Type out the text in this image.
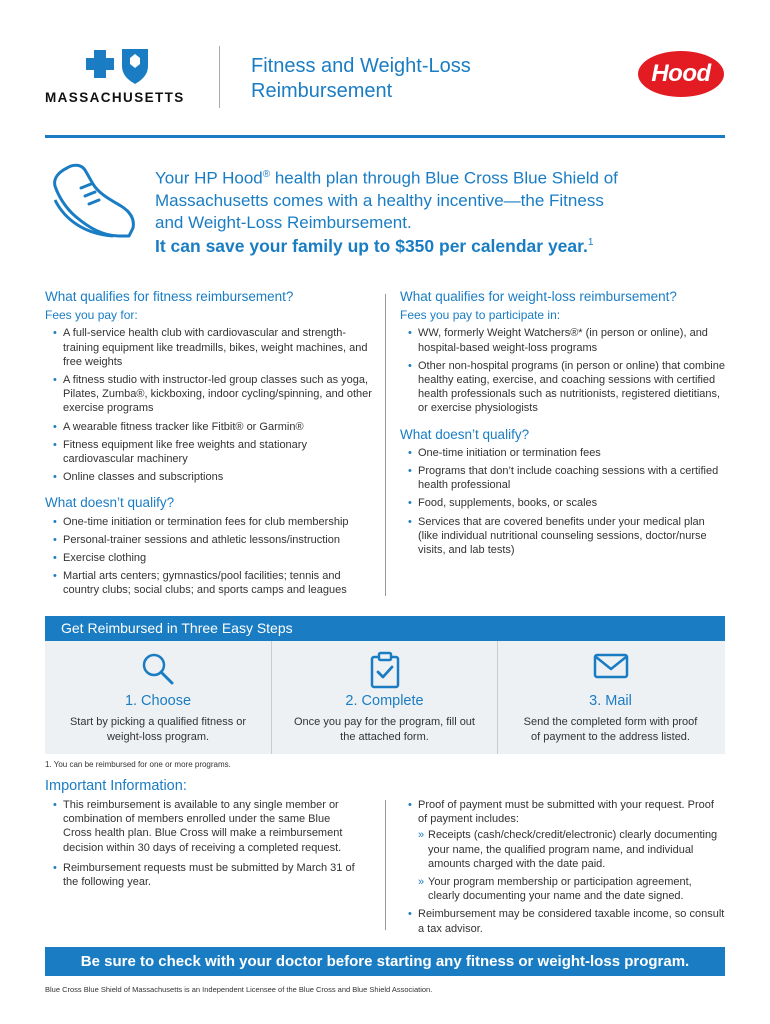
MASSACHUSETTS
Fitness and Weight-Loss
Reimbursement
Hood
Your HP Hood® health plan through Blue Cross Blue Shield of
Massachusetts comes with a healthy incentive—the Fitness
and Weight-Loss Reimbursement.
It can save your family up to $350 per calendar year.$^1$
What qualifies for fitness reimbursement?
Fees you pay for:
• A full-service health club with cardiovascular and strength-training equipment like treadmills, bikes, weight machines, and free weights
• A fitness studio with instructor-led group classes such as yoga, Pilates, Zumba®, kickboxing, indoor cycling/spinning, and other exercise programs
• A wearable fitness tracker like Fitbit® or Garmin®
• Fitness equipment like free weights and stationary cardiovascular machinery
• Online classes and subscriptions
What doesn’t qualify?
• One-time initiation or termination fees for club membership
• Personal-trainer sessions and athletic lessons/instruction
• Exercise clothing
• Martial arts centers; gymnastics/pool facilities; tennis and country clubs; social clubs; and sports camps and leagues
What qualifies for weight-loss reimbursement?
Fees you pay to participate in:
• WW, formerly Weight Watchers®* (in person or online), and hospital-based weight-loss programs
• Other non-hospital programs (in person or online) that combine healthy eating, exercise, and coaching sessions with certified health professionals such as nutritionists, registered dietitians, or exercise physiologists
What doesn’t qualify?
• One-time initiation or termination fees
• Programs that don’t include coaching sessions with a certified health professional
• Food, supplements, books, or scales
• Services that are covered benefits under your medical plan (like individual nutritional counseling sessions, doctor/nurse visits, and lab tests)
Get Reimbursed in Three Easy Steps
1. Choose
Start by picking a qualified fitness or weight-loss program.
2. Complete
Once you pay for the program, fill out the attached form.
3. Mail
Send the completed form with proof of payment to the address listed.
1. You can be reimbursed for one or more programs.
Important Information:
• This reimbursement is available to any single member or combination of members enrolled under the same Blue Cross health plan. Blue Cross will make a reimbursement decision within 30 days of receiving a completed request.
• Reimbursement requests must be submitted by March 31 of the following year.
• Proof of payment must be submitted with your request. Proof of payment includes:
» Receipts (cash/check/credit/electronic) clearly documenting your name, the qualified program name, and individual amounts charged with the date paid.
» Your program membership or participation agreement, clearly documenting your name and the date signed.
• Reimbursement may be considered taxable income, so consult a tax advisor.
Be sure to check with your doctor before starting any fitness or weight-loss program.
Blue Cross Blue Shield of Massachusetts is an Independent Licensee of the Blue Cross and Blue Shield Association.
